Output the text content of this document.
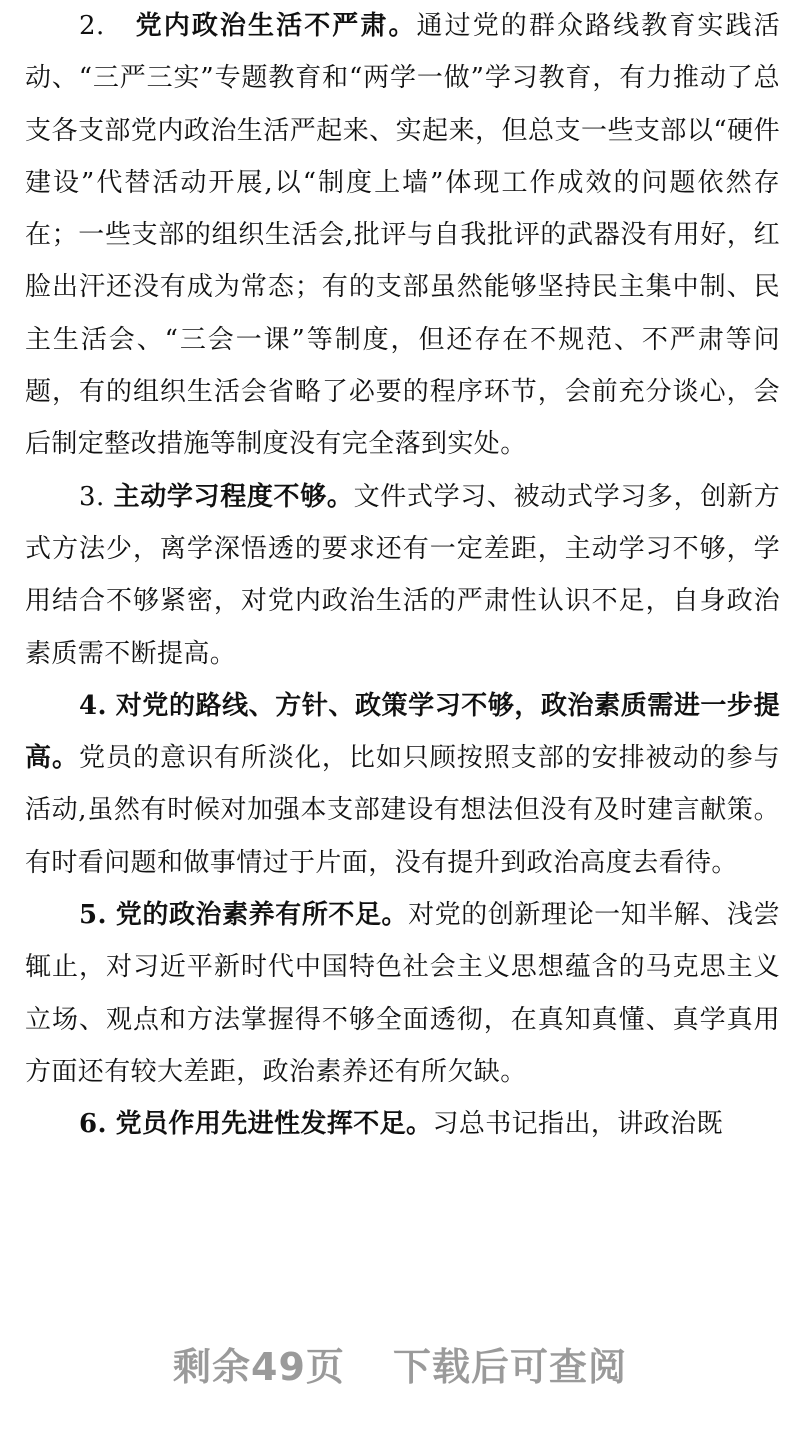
2. 党内政治生活不严肃。通过党的群众路线教育实践活动、“三严三实”专题教育和“两学一做”学习教育，有力推动了总支各支部党内政治生活严起来、实起来，但总支一些支部以“硬件建设”代替活动开展,以“制度上墙”体现工作成效的问题依然存在；一些支部的组织生活会,批评与自我批评的武器没有用好，红脸出汗还没有成为常态；有的支部虽然能够坚持民主集中制、民主生活会、“三会一课”等制度，但还存在不规范、不严肃等问题，有的组织生活会省略了必要的程序环节，会前充分谈心，会后制定整改措施等制度没有完全落到实处。

3. 主动学习程度不够。文件式学习、被动式学习多，创新方式方法少，离学深悟透的要求还有一定差距，主动学习不够，学用结合不够紧密，对党内政治生活的严肃性认识不足，自身政治素质需不断提高。

4. 对党的路线、方针、政策学习不够，政治素质需进一步提高。党员的意识有所淡化，比如只顾按照支部的安排被动的参与活动,虽然有时候对加强本支部建设有想法但没有及时建言献策。有时看问题和做事情过于片面，没有提升到政治高度去看待。

5. 党的政治素养有所不足。对党的创新理论一知半解、浅尝辄止，对习近平新时代中国特色社会主义思想蕴含的马克思主义立场、观点和方法掌握得不够全面透彻，在真知真懂、真学真用方面还有较大差距，政治素养还有所欠缺。

6. 党员作用先进性发挥不足。习总书记指出，讲政治既

剩余49页 下载后可查阅
